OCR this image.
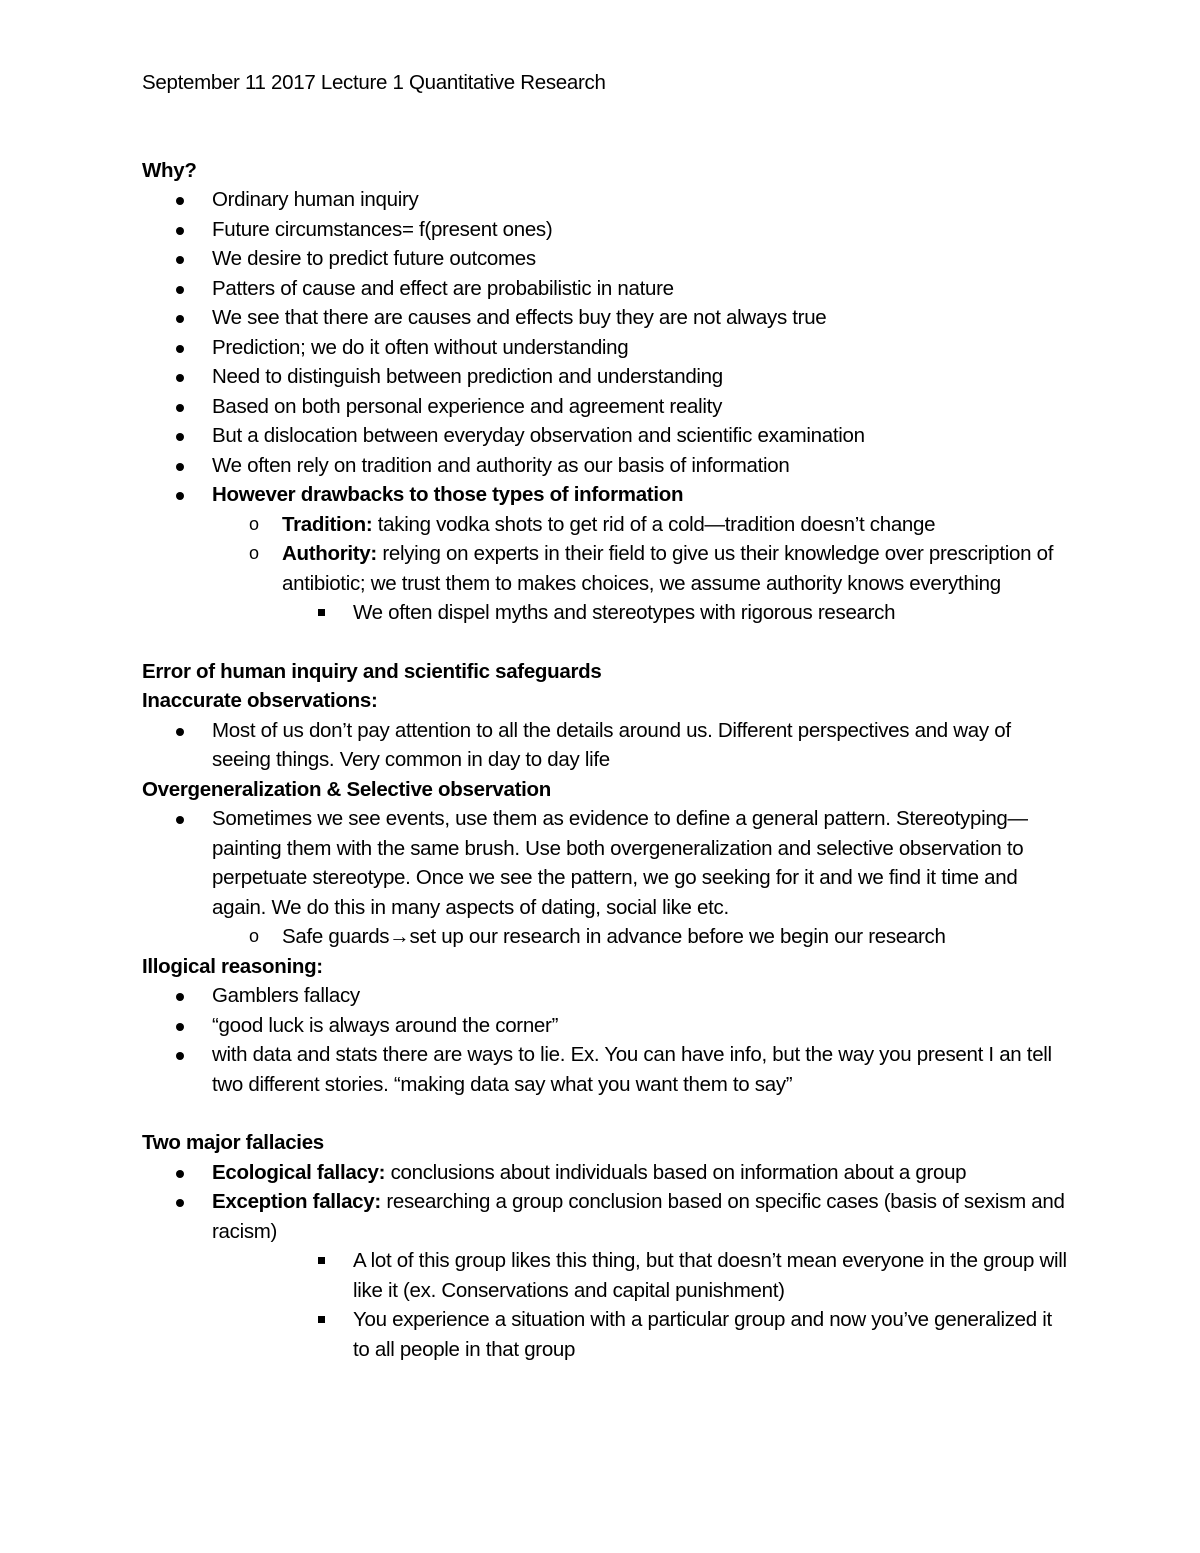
September 11 2017 Lecture 1 Quantitative Research

Why?

Ordinary human inquiry
Future circumstances= f(present ones)
We desire to predict future outcomes
Patters of cause and effect are probabilistic in nature
We see that there are causes and effects buy they are not always true
Prediction; we do it often without understanding
Need to distinguish between prediction and understanding
Based on both personal experience and agreement reality
But a dislocation between everyday observation and scientific examination
We often rely on tradition and authority as our basis of information
However drawbacks to those types of information
o Tradition: taking vodka shots to get rid of a cold—tradition doesn’t change
o Authority: relying on experts in their field to give us their knowledge over prescription of antibiotic; we trust them to makes choices, we assume authority knows everything
We often dispel myths and stereotypes with rigorous research

Error of human inquiry and scientific safeguards

Inaccurate observations:

Most of us don’t pay attention to all the details around us. Different perspectives and way of seeing things. Very common in day to day life

Overgeneralization & Selective observation

Sometimes we see events, use them as evidence to define a general pattern. Stereotyping—painting them with the same brush. Use both overgeneralization and selective observation to perpetuate stereotype. Once we see the pattern, we go seeking for it and we find it time and again. We do this in many aspects of dating, social like etc.
o Safe guards→set up our research in advance before we begin our research

Illogical reasoning:

Gamblers fallacy
“good luck is always around the corner”
with data and stats there are ways to lie. Ex. You can have info, but the way you present I an tell two different stories. “making data say what you want them to say”

Two major fallacies

Ecological fallacy: conclusions about individuals based on information about a group
Exception fallacy: researching a group conclusion based on specific cases (basis of sexism and racism)
A lot of this group likes this thing, but that doesn’t mean everyone in the group will like it (ex. Conservations and capital punishment)
You experience a situation with a particular group and now you’ve generalized it to all people in that group
